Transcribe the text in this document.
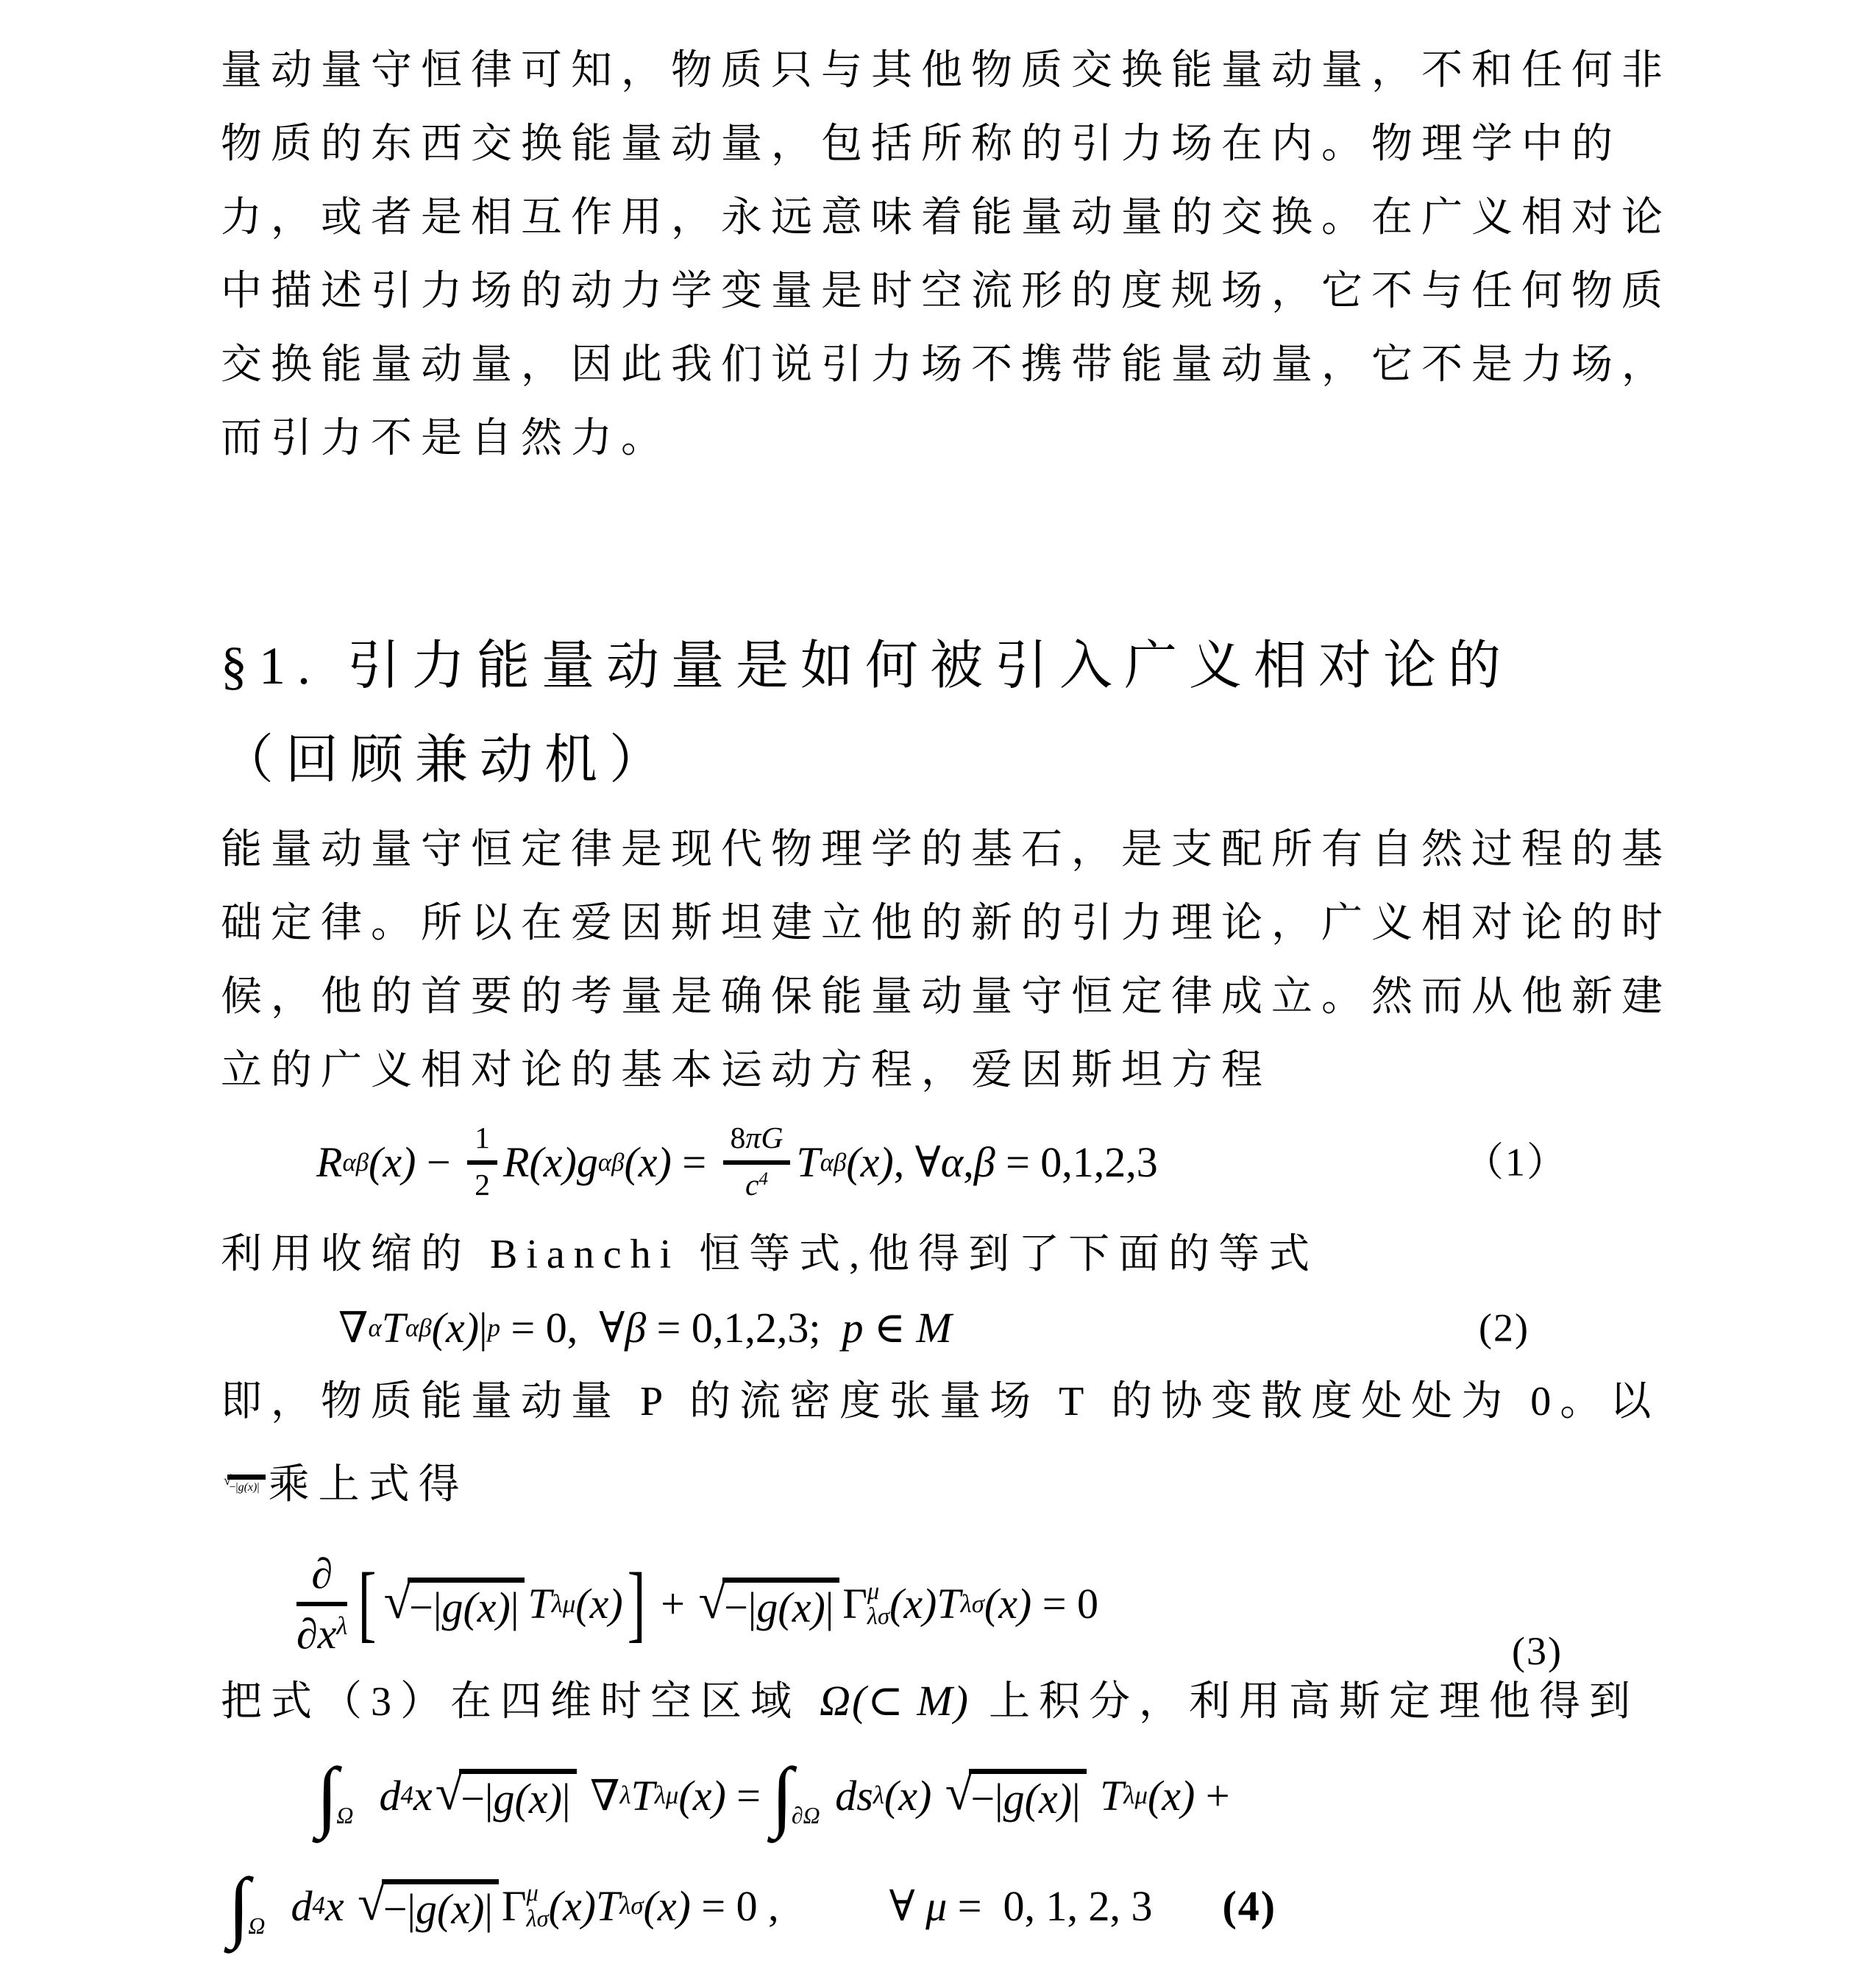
量动量守恒律可知，物质只与其他物质交换能量动量，不和任何非
物质的东西交换能量动量，包括所称的引力场在内。物理学中的
力，或者是相互作用，永远意味着能量动量的交换。在广义相对论
中描述引力场的动力学变量是时空流形的度规场，它不与任何物质
交换能量动量，因此我们说引力场不携带能量动量，它不是力场，
而引力不是自然力。
§1. 引力能量动量是如何被引入广义相对论的
（回顾兼动机）
能量动量守恒定律是现代物理学的基石，是支配所有自然过程的基
础定律。所以在爱因斯坦建立他的新的引力理论，广义相对论的时
候，他的首要的考量是确保能量动量守恒定律成立。然而从他新建
立的广义相对论的基本运动方程，爱因斯坦方程
R αβ $(x) - \frac{1}{2} R(x)g$ αβ $(x) = \frac{8\pi G}{c^4}$ T αβ (x) , ∀ α , β = 0,1,2,3	（1）
利用收缩的 Bianchi 恒等式,他得到了下面的等式
∇ α T αβ (x) | p = 0,  ∀ β = 0,1,2,3; p ∈ M	(2)
即，物质能量动量 P 的流密度张量场 T 的协变散度处处为 0。以
√
−|g(x)| 乘上式得
$\frac{\partial}{\partial x^\lambda}$ [ √
−|g(x)| T λμ (x) ] + √
−|g(x)| Γ μ
λσ (x)T λσ (x) = 0
(3)
把式（3）在四维时空区域 Ω(⊂ M) 上积分，利用高斯定理他得到
∫
Ω
d 4 x √
−|g(x)| ∇ λ T λμ (x) = ∫
∂Ω ds λ (x)
√
−|g(x)| T λμ (x) +
∫
Ω
d 4 x
√
−|g(x)| Γ μ
λσ (x)T λσ (x) = 0 ,	∀ μ =  0, 1, 2, 3 (4)
